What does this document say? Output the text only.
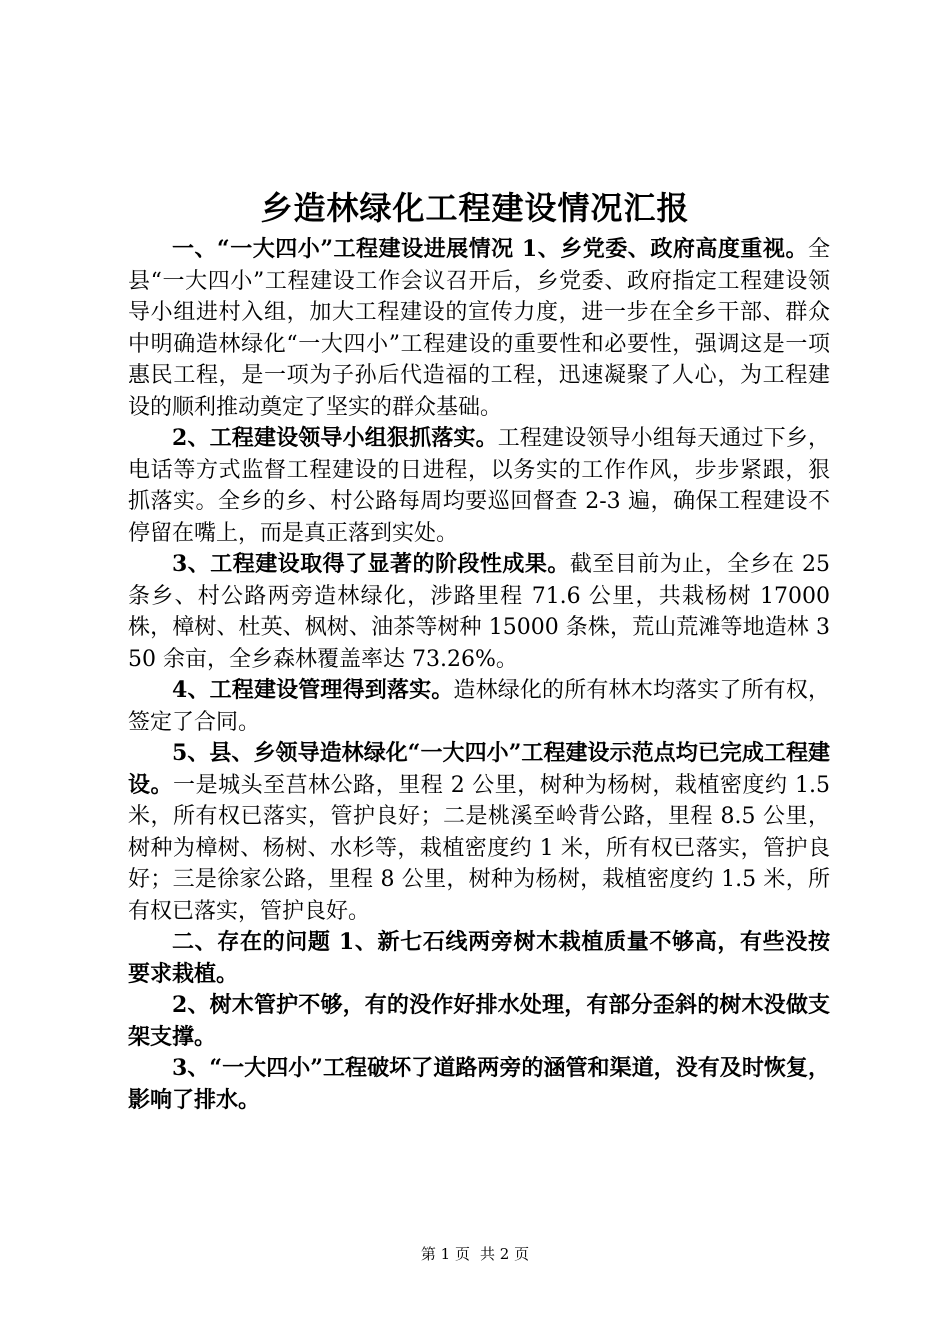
乡造林绿化工程建设情况汇报

一、“一大四小”工程建设进展情况 1、乡党委、政府高度重视。全县“一大四小”工程建设工作会议召开后，乡党委、政府指定工程建设领导小组进村入组，加大工程建设的宣传力度，进一步在全乡干部、群众中明确造林绿化“一大四小”工程建设的重要性和必要性，强调这是一项惠民工程，是一项为子孙后代造福的工程，迅速凝聚了人心，为工程建设的顺利推动奠定了坚实的群众基础。

2、工程建设领导小组狠抓落实。工程建设领导小组每天通过下乡，电话等方式监督工程建设的日进程，以务实的工作作风，步步紧跟，狠抓落实。全乡的乡、村公路每周均要巡回督查 2-3 遍，确保工程建设不停留在嘴上，而是真正落到实处。

3、工程建设取得了显著的阶段性成果。截至目前为止，全乡在 25 条乡、村公路两旁造林绿化，涉路里程 71.6 公里，共栽杨树 17000 株，樟树、杜英、枫树、油茶等树种 15000 条株，荒山荒滩等地造林 350 余亩，全乡森林覆盖率达 73.26%。

4、工程建设管理得到落实。造林绿化的所有林木均落实了所有权，签定了合同。

5、县、乡领导造林绿化“一大四小”工程建设示范点均已完成工程建设。一是城头至莒林公路，里程 2 公里，树种为杨树，栽植密度约 1.5 米，所有权已落实，管护良好；二是桃溪至岭背公路，里程 8.5 公里，树种为樟树、杨树、水杉等，栽植密度约 1 米，所有权已落实，管护良好；三是徐家公路，里程 8 公里，树种为杨树，栽植密度约 1.5 米，所有权已落实，管护良好。

二、存在的问题 1、新七石线两旁树木栽植质量不够高，有些没按要求栽植。

2、树木管护不够，有的没作好排水处理，有部分歪斜的树木没做支架支撑。

3、“一大四小”工程破坏了道路两旁的涵管和渠道，没有及时恢复，影响了排水。

第 1 页 共 2 页
